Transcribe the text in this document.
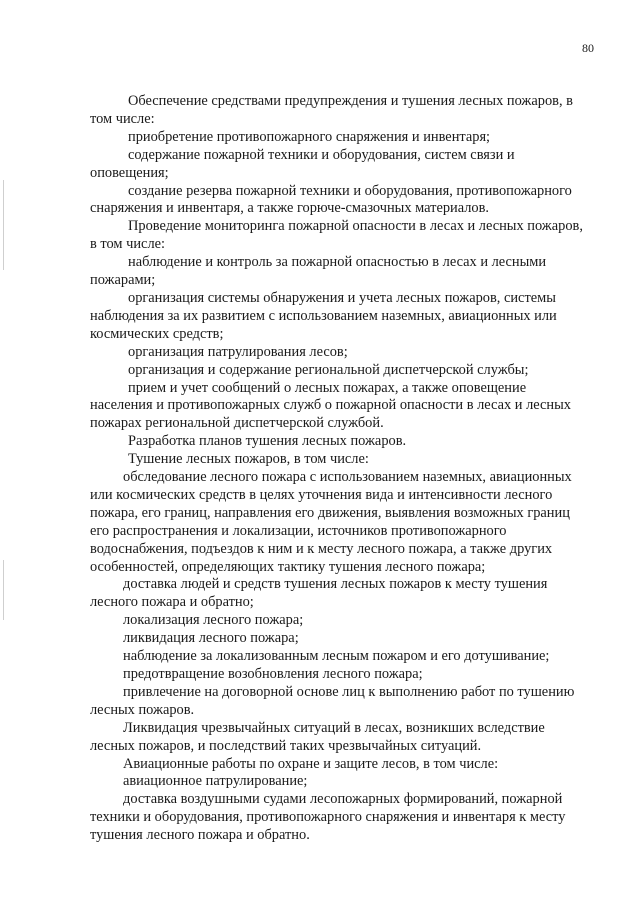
80

Обеспечение средствами предупреждения и тушения лесных пожаров, в том числе:

приобретение противопожарного снаряжения и инвентаря;

содержание пожарной техники и оборудования, систем связи и оповещения;

создание резерва пожарной техники и оборудования, противопожарного снаряжения и инвентаря, а также горюче-смазочных материалов.

Проведение мониторинга пожарной опасности в лесах и лесных пожаров, в том числе:

наблюдение и контроль за пожарной опасностью в лесах и лесными пожарами;

организация системы обнаружения и учета лесных пожаров, системы наблюдения за их развитием с использованием наземных, авиационных или космических средств;

организация патрулирования лесов;

организация и содержание региональной диспетчерской службы;

прием и учет сообщений о лесных пожарах, а также оповещение населения и противопожарных служб о пожарной опасности в лесах и лесных пожарах региональной диспетчерской службой.

Разработка планов тушения лесных пожаров.

Тушение лесных пожаров, в том числе:

обследование лесного пожара с использованием наземных, авиационных или космических средств в целях уточнения вида и интенсивности лесного пожара, его границ, направления его движения, выявления возможных границ его распространения и локализации, источников противопожарного водоснабжения, подъездов к ним и к месту лесного пожара, а также других особенностей, определяющих тактику тушения лесного пожара;

доставка людей и средств тушения лесных пожаров к месту тушения лесного пожара и обратно;

локализация лесного пожара;

ликвидация лесного пожара;

наблюдение за локализованным лесным пожаром и его дотушивание;

предотвращение возобновления лесного пожара;

привлечение на договорной основе лиц к выполнению работ по тушению лесных пожаров.

Ликвидация чрезвычайных ситуаций в лесах, возникших вследствие лесных пожаров, и последствий таких чрезвычайных ситуаций.

Авиационные работы по охране и защите лесов, в том числе:

авиационное патрулирование;

доставка воздушными судами лесопожарных формирований, пожарной техники и оборудования, противопожарного снаряжения и инвентаря к месту тушения лесного пожара и обратно.
